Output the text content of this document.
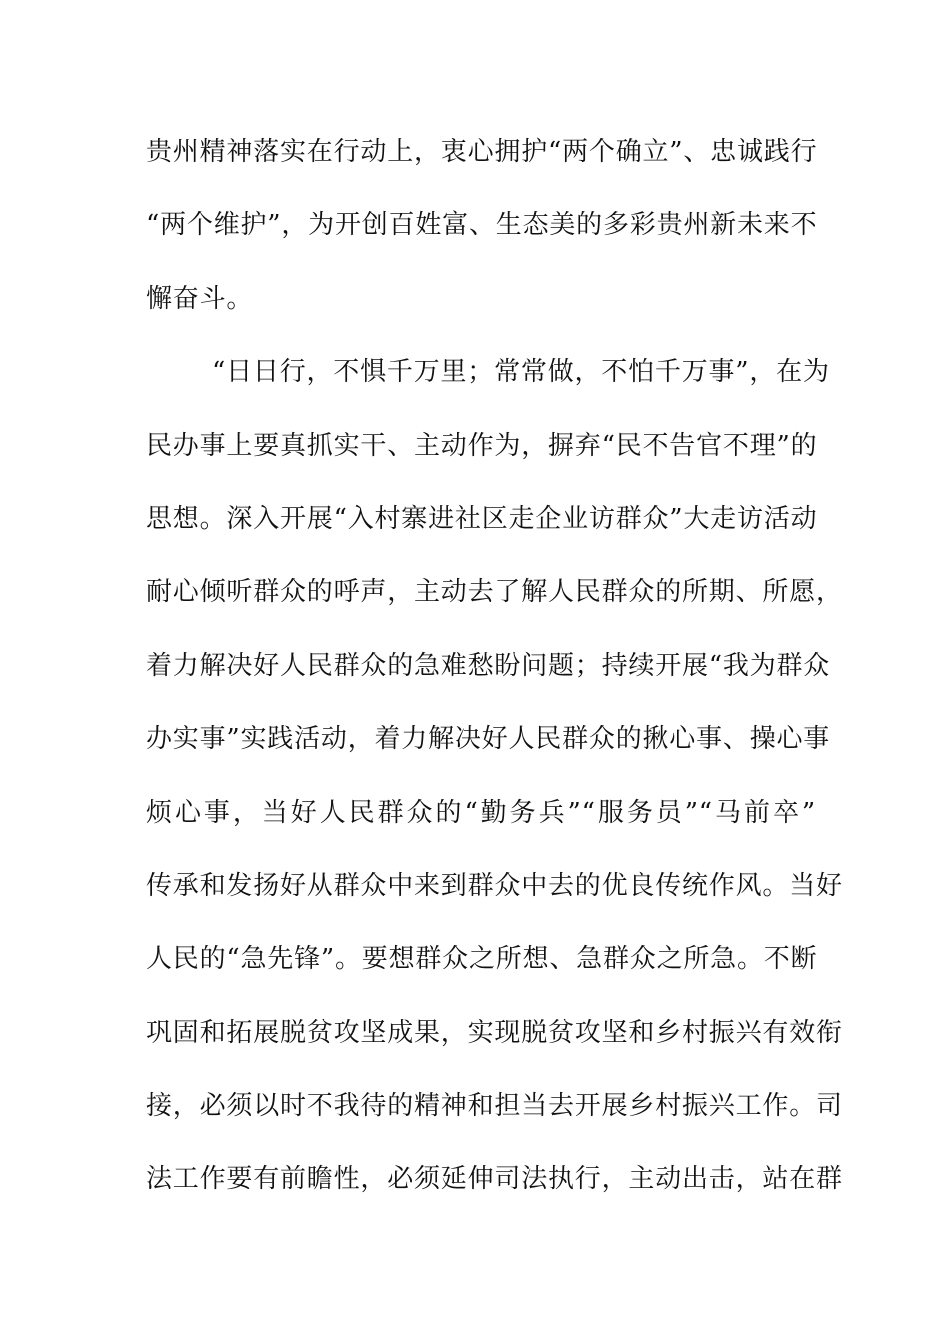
贵州精神落实在行动上，衷心拥护“两个确立”、忠诚践行
“两个维护”，为开创百姓富、生态美的多彩贵州新未来不
懈奋斗。
“日日行，不惧千万里；常常做，不怕千万事”，在为
民办事上要真抓实干、主动作为，摒弃“民不告官不理”的
思想。深入开展“入村寨进社区走企业访群众”大走访活动
耐心倾听群众的呼声，主动去了解人民群众的所期、所愿，
着力解决好人民群众的急难愁盼问题；持续开展“我为群众
办实事”实践活动，着力解决好人民群众的揪心事、操心事
烦心事，当好人民群众的“勤务兵”“服务员”“马前卒”
传承和发扬好从群众中来到群众中去的优良传统作风。当好
人民的“急先锋”。要想群众之所想、急群众之所急。不断
巩固和拓展脱贫攻坚成果，实现脱贫攻坚和乡村振兴有效衔
接，必须以时不我待的精神和担当去开展乡村振兴工作。司
法工作要有前瞻性，必须延伸司法执行，主动出击，站在群
